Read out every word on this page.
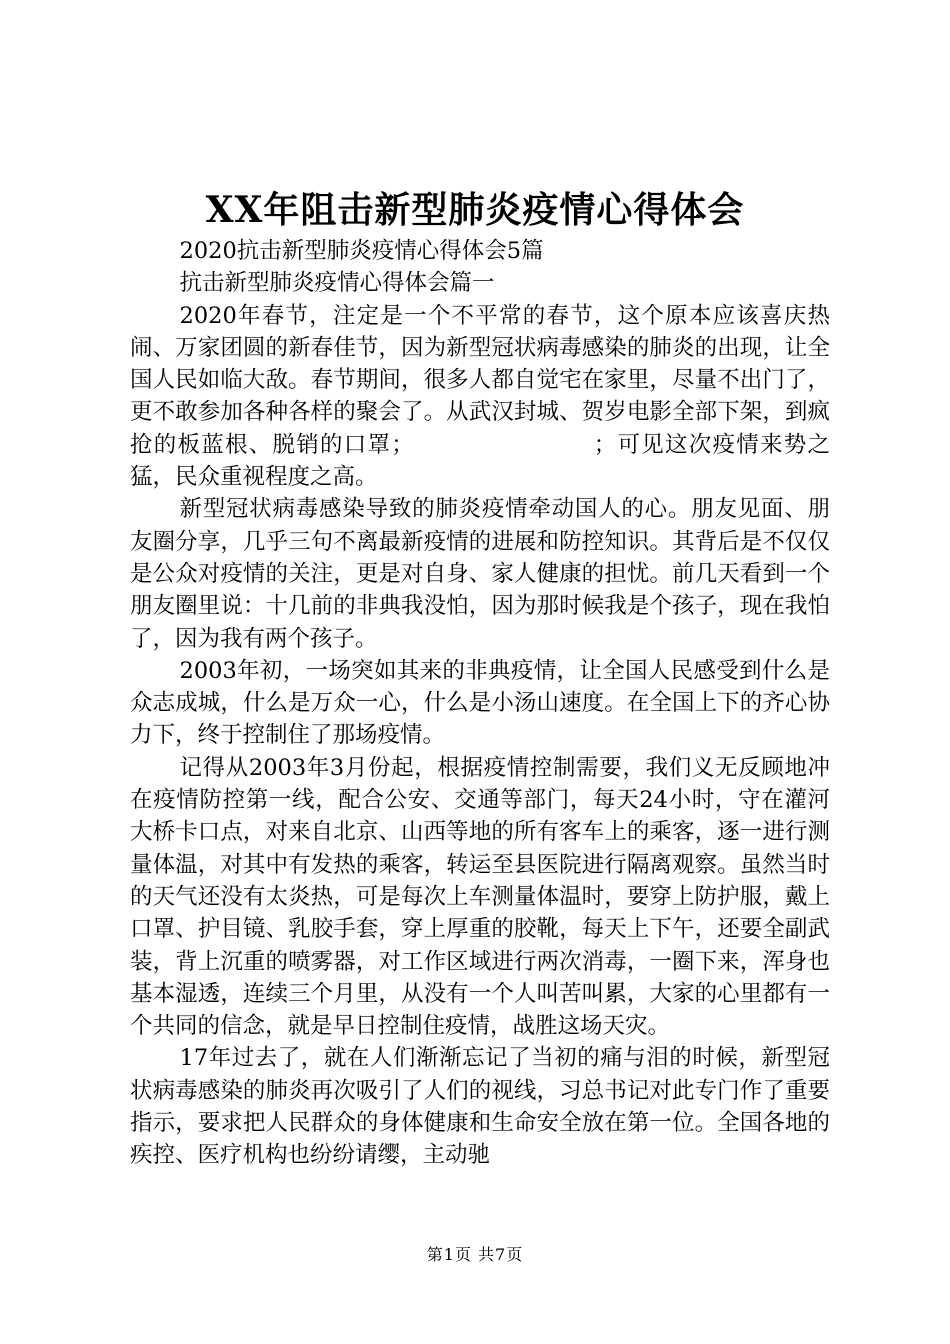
XX年阻击新型肺炎疫情心得体会

2020抗击新型肺炎疫情心得体会5篇

抗击新型肺炎疫情心得体会篇一

2020年春节，注定是一个不平常的春节，这个原本应该喜庆热闹、万家团圆的新春佳节，因为新型冠状病毒感染的肺炎的出现，让全国人民如临大敌。春节期间，很多人都自觉宅在家里，尽量不出门了，更不敢参加各种各样的聚会了。从武汉封城、贺岁电影全部下架，到疯抢的板蓝根、脱销的口罩；　　　　　　　　；可见这次疫情来势之猛，民众重视程度之高。

新型冠状病毒感染导致的肺炎疫情牵动国人的心。朋友见面、朋友圈分享，几乎三句不离最新疫情的进展和防控知识。其背后是不仅仅是公众对疫情的关注，更是对自身、家人健康的担忧。前几天看到一个朋友圈里说：十几前的非典我没怕，因为那时候我是个孩子，现在我怕了，因为我有两个孩子。

2003年初，一场突如其来的非典疫情，让全国人民感受到什么是众志成城，什么是万众一心，什么是小汤山速度。在全国上下的齐心协力下，终于控制住了那场疫情。

记得从2003年3月份起，根据疫情控制需要，我们义无反顾地冲在疫情防控第一线，配合公安、交通等部门，每天24小时，守在灌河大桥卡口点，对来自北京、山西等地的所有客车上的乘客，逐一进行测量体温，对其中有发热的乘客，转运至县医院进行隔离观察。虽然当时的天气还没有太炎热，可是每次上车测量体温时，要穿上防护服，戴上口罩、护目镜、乳胶手套，穿上厚重的胶靴，每天上下午，还要全副武装，背上沉重的喷雾器，对工作区域进行两次消毒，一圈下来，浑身也基本湿透，连续三个月里，从没有一个人叫苦叫累，大家的心里都有一个共同的信念，就是早日控制住疫情，战胜这场天灾。

17年过去了，就在人们渐渐忘记了当初的痛与泪的时候，新型冠状病毒感染的肺炎再次吸引了人们的视线，习总书记对此专门作了重要指示，要求把人民群众的身体健康和生命安全放在第一位。全国各地的疾控、医疗机构也纷纷请缨，主动驰

第1页 共7页
